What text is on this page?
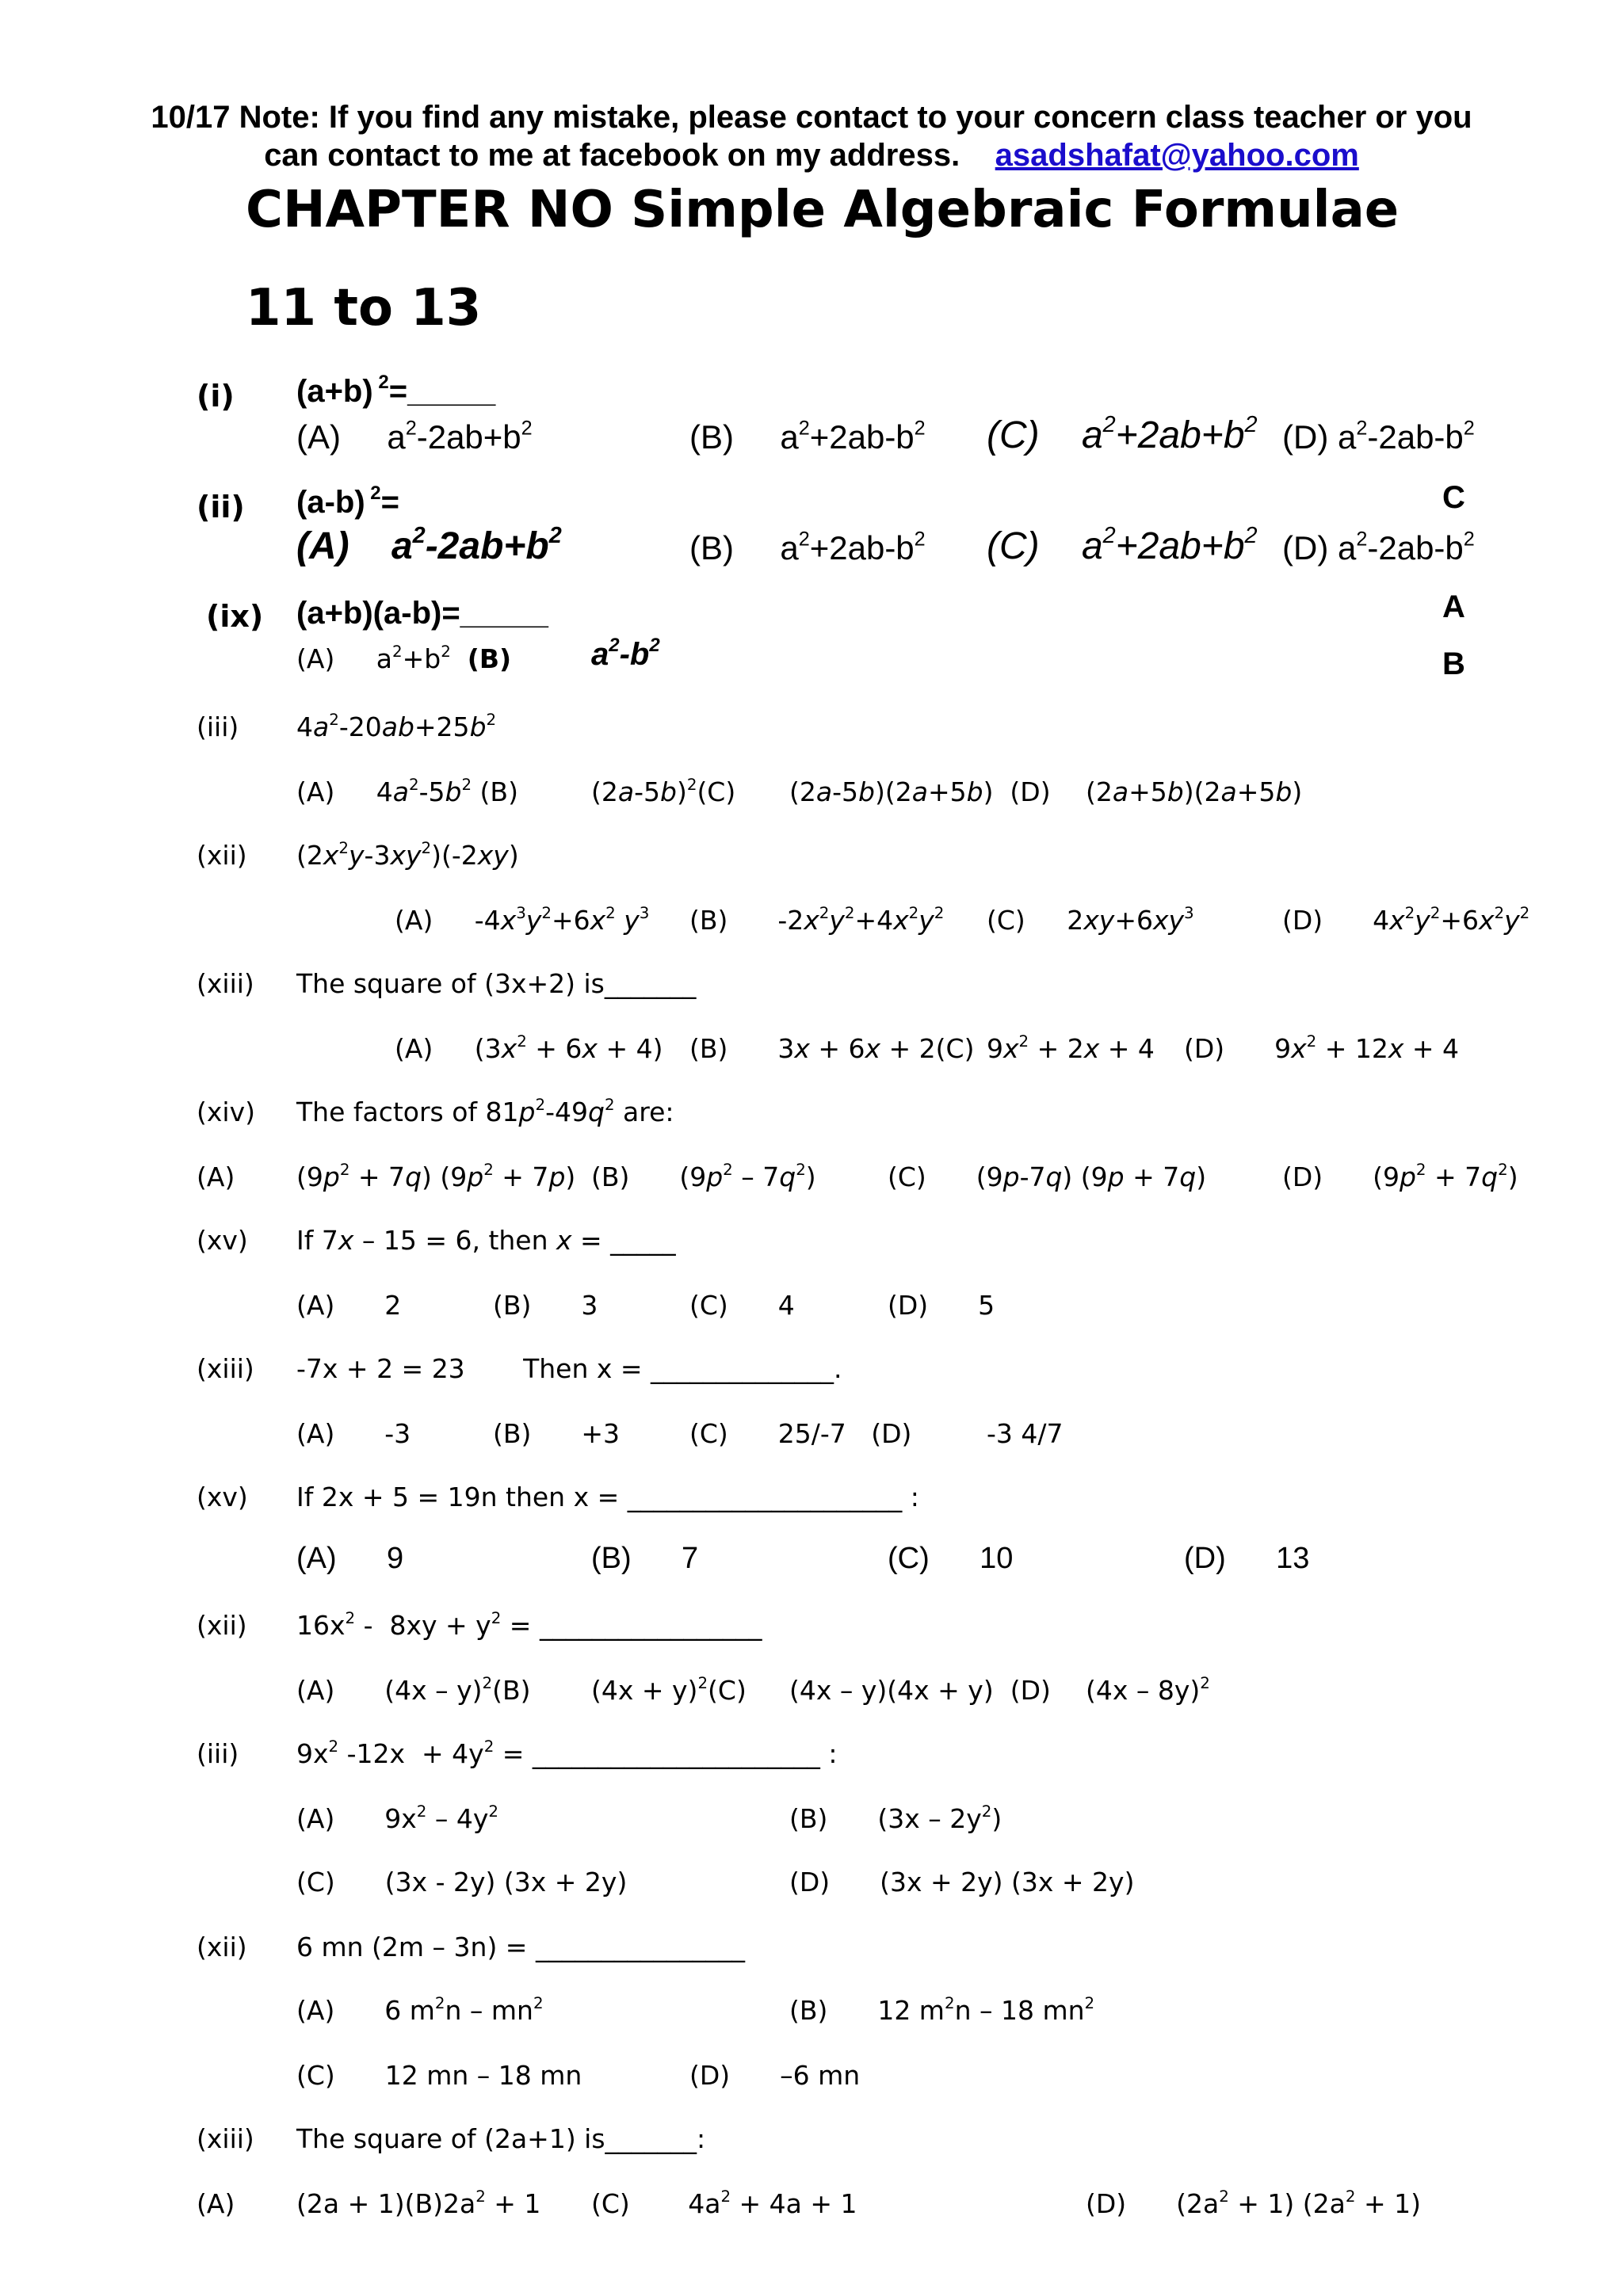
10/17 Note: If you find any mistake, please contact to your concern class teacher or you
can contact to me at facebook on my address. asadshafat@yahoo.com
CHAPTER NO Simple Algebraic Formulae
11 to 13
(i) (a+b) $^2$=_____
(A)     $a^2-2ab+b^2$	(B)     $a^2+2ab-b^2$ (C)    $a^2+2ab+b^2$ (D) $a^2-2ab-b^2$
C
(ii) (a-b) $^2$=
(A)    $a^2-2ab+b^2$	(B)     $a^2+2ab-b^2$ (C)    $a^2+2ab+b^2$ (D) $a^2-2ab-b^2$
A
(ix) (a+b)(a-b)=_____
(A)     $a^2+b^2$ (B)	$a^2-b^2$
B
(iii) $4a^2-20ab+25b^2$
(A)     $4a^2-5b^2$ (B)	$(2a-5b)^2(C)$ (2a-5b)(2a+5b)  (D) (2a+5b)(2a+5b)
(xii) $(2x^2y-3xy^2)(-2xy)$
(A)     $-4x^3y^2+6x^2$ $y^3$ (B)      $-2x^2y^2+4x^2y^2$ (C)     $2xy+6xy^3$	(D)      $4x^2y^2+6x^2y^2$
(xiii) The square of (3x+2) is_______
(A)     $(3x^2 + 6x + 4)$ (B)      3x + 6x + 2(C) $9x^2 + 2x + 4$ (D)      $9x^2 + 12x + 4$
(xiv) The factors of $81p^2-49q^2$ are:
(A) $(9p^2 + 7q) (9p^2 + 7p)$ (B)      $(9p^2 - 7q^2)$	(C)      (9p-7q) (9p + 7q)	(D)      $(9p^2 + 7q^2)$
(xv) If 7x – 15 = 6, then x = _____
(A)      2	(B)      3	(C)      4	(D)      5
(xiii) -7x + 2 = 23       Then x = ______________.
(A)      -3	(B)      +3	(C)      25/-7   (D)	-3 4/7
(xv) If 2x + 5 = 19n then x = _____________________ :
(A)      9	(B)      7	(C)      10	(D)      13
(xii) $16x^2 - 8xy + y^2$ = _________________
(A)      (4x – y)$^2$(B) $(4x + y)^2(C)$ (4x – y)(4x + y)  (D) (4x – 8y)$^2$
(iii) $9x^2$ $-12x + 4y^2$ = ______________________ :
(A)      $9x^2 - 4y^2$	(B)      $(3x - 2y^2)$
(C)      (3x - 2y) (3x + 2y)	(D)      (3x + 2y) (3x + 2y)
(xii) 6 mn (2m – 3n) = ________________
(A)      6 $m^2n - mn^2$	(B)      12 $m^2n - 18$ $mn^2$
(C)      12 mn – 18 mn	(D)      –6 mn
(xiii) The square of (2a+1) is_______:
(A) $(2a + 1)(B)2a^2 + 1$ (C)       $4a^2 + 4a + 1$	(D)      $(2a^2 + 1) (2a^2 + 1)$
